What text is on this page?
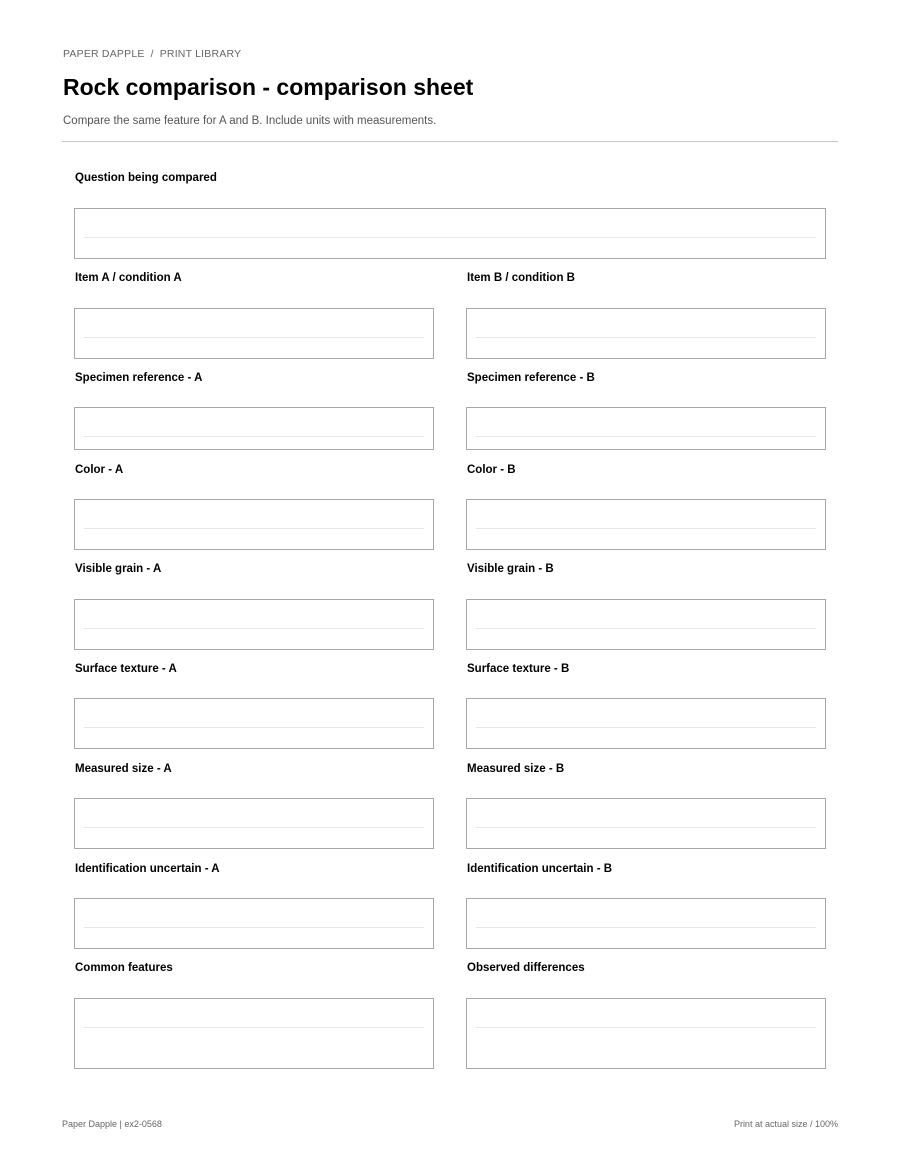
PAPER DAPPLE / PRINT LIBRARY
Rock comparison - comparison sheet
Compare the same feature for A and B. Include units with measurements.
Question being compared
Item A / condition A	Item B / condition B
Specimen reference - A	Specimen reference - B
Color - A	Color - B
Visible grain - A	Visible grain - B
Surface texture - A	Surface texture - B
Measured size - A	Measured size - B
Identification uncertain - A	Identification uncertain - B
Common features	Observed differences
Paper Dapple | ex2-0568	Print at actual size / 100%
